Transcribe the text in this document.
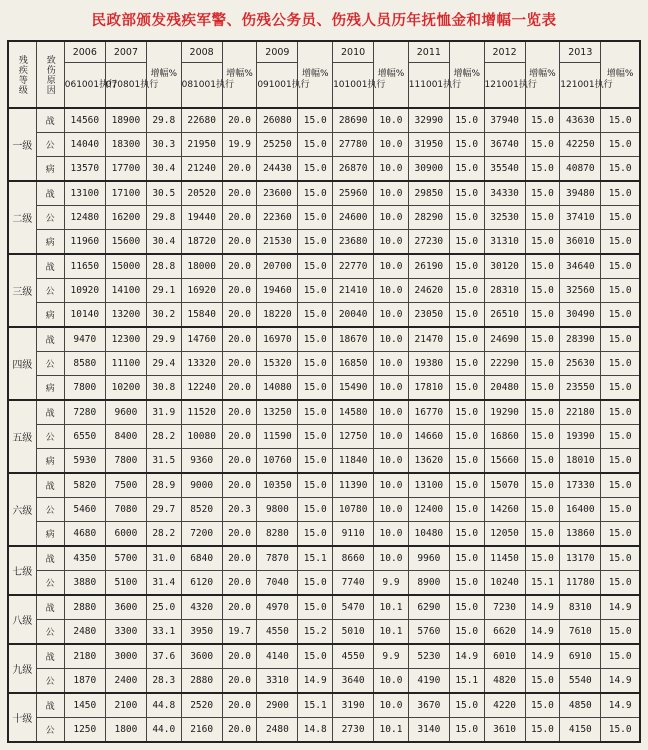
民政部颁发残疾军警、伤残公务员、伤残人员历年抚恤金和增幅一览表
残疾等级	致伤原因	2006	2007	增幅%	2008	增幅%	2009	增幅%	2010	增幅%	2011	增幅%	2012	增幅%	2013	增幅%
		061001执行	070801执行		081001执行		091001执行		101001执行		111001执行		121001执行		121001执行	
一级	战	14560	18900	29.8	22680	20.0	26080	15.0	28690	10.0	32990	15.0	37940	15.0	43630	15.0
	公	14040	18300	30.3	21950	19.9	25250	15.0	27780	10.0	31950	15.0	36740	15.0	42250	15.0
	病	13570	17700	30.4	21240	20.0	24430	15.0	26870	10.0	30900	15.0	35540	15.0	40870	15.0
二级	战	13100	17100	30.5	20520	20.0	23600	15.0	25960	10.0	29850	15.0	34330	15.0	39480	15.0
	公	12480	16200	29.8	19440	20.0	22360	15.0	24600	10.0	28290	15.0	32530	15.0	37410	15.0
	病	11960	15600	30.4	18720	20.0	21530	15.0	23680	10.0	27230	15.0	31310	15.0	36010	15.0
三级	战	11650	15000	28.8	18000	20.0	20700	15.0	22770	10.0	26190	15.0	30120	15.0	34640	15.0
	公	10920	14100	29.1	16920	20.0	19460	15.0	21410	10.0	24620	15.0	28310	15.0	32560	15.0
	病	10140	13200	30.2	15840	20.0	18220	15.0	20040	10.0	23050	15.0	26510	15.0	30490	15.0
四级	战	9470	12300	29.9	14760	20.0	16970	15.0	18670	10.0	21470	15.0	24690	15.0	28390	15.0
	公	8580	11100	29.4	13320	20.0	15320	15.0	16850	10.0	19380	15.0	22290	15.0	25630	15.0
	病	7800	10200	30.8	12240	20.0	14080	15.0	15490	10.0	17810	15.0	20480	15.0	23550	15.0
五级	战	7280	9600	31.9	11520	20.0	13250	15.0	14580	10.0	16770	15.0	19290	15.0	22180	15.0
	公	6550	8400	28.2	10080	20.0	11590	15.0	12750	10.0	14660	15.0	16860	15.0	19390	15.0
	病	5930	7800	31.5	9360	20.0	10760	15.0	11840	10.0	13620	15.0	15660	15.0	18010	15.0
六级	战	5820	7500	28.9	9000	20.0	10350	15.0	11390	10.0	13100	15.0	15070	15.0	17330	15.0
	公	5460	7080	29.7	8520	20.3	9800	15.0	10780	10.0	12400	15.0	14260	15.0	16400	15.0
	病	4680	6000	28.2	7200	20.0	8280	15.0	9110	10.0	10480	15.0	12050	15.0	13860	15.0
七级	战	4350	5700	31.0	6840	20.0	7870	15.1	8660	10.0	9960	15.0	11450	15.0	13170	15.0
	公	3880	5100	31.4	6120	20.0	7040	15.0	7740	9.9	8900	15.0	10240	15.1	11780	15.0
八级	战	2880	3600	25.0	4320	20.0	4970	15.0	5470	10.1	6290	15.0	7230	14.9	8310	14.9
	公	2480	3300	33.1	3950	19.7	4550	15.2	5010	10.1	5760	15.0	6620	14.9	7610	15.0
九级	战	2180	3000	37.6	3600	20.0	4140	15.0	4550	9.9	5230	14.9	6010	14.9	6910	15.0
	公	1870	2400	28.3	2880	20.0	3310	14.9	3640	10.0	4190	15.1	4820	15.0	5540	14.9
十级	战	1450	2100	44.8	2520	20.0	2900	15.1	3190	10.0	3670	15.0	4220	15.0	4850	14.9
	公	1250	1800	44.0	2160	20.0	2480	14.8	2730	10.1	3140	15.0	3610	15.0	4150	15.0
